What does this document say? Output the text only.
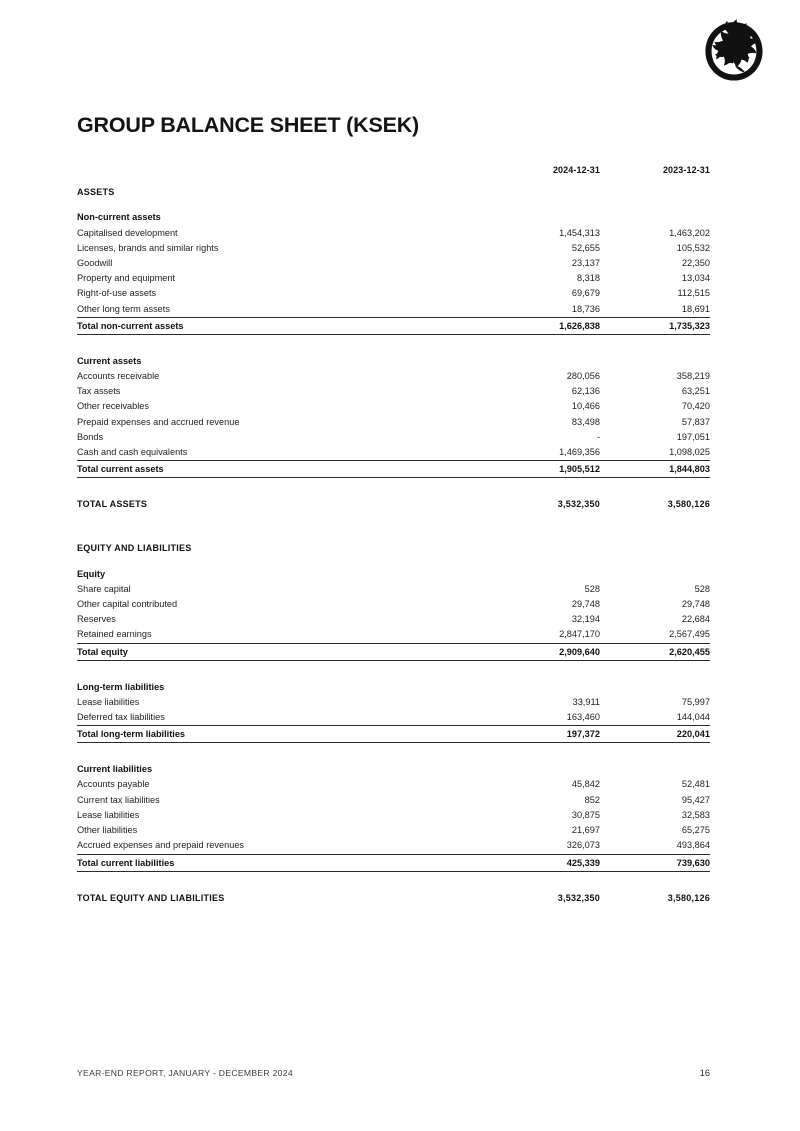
GROUP BALANCE SHEET (KSEK)
	2024-12-31	2023-12-31

ASSETS		

Non-current assets		
Capitalised development	1,454,313	1,463,202
Licenses, brands and similar rights	52,655	105,532
Goodwill	23,137	22,350
Property and equipment	8,318	13,034
Right-of-use assets	69,679	112,515
Other long term assets	18,736	18,691
Total non-current assets	1,626,838	1,735,323

Current assets		
Accounts receivable	280,056	358,219
Tax assets	62,136	63,251
Other receivables	10,466	70,420
Prepaid expenses and accrued revenue	83,498	57,837
Bonds	-	197,051
Cash and cash equivalents	1,469,356	1,098,025
Total current assets	1,905,512	1,844,803

TOTAL ASSETS	3,532,350	3,580,126

EQUITY AND LIABILITIES		

Equity		
Share capital	528	528
Other capital contributed	29,748	29,748
Reserves	32,194	22,684
Retained earnings	2,847,170	2,567,495
Total equity	2,909,640	2,620,455

Long-term liabilities		
Lease liabilities	33,911	75,997
Deferred tax liabilities	163,460	144,044
Total long-term liabilities	197,372	220,041

Current liabilities		
Accounts payable	45,842	52,481
Current tax liabilities	852	95,427
Lease liabilities	30,875	32,583
Other liabilities	21,697	65,275
Accrued expenses and prepaid revenues	326,073	493,864
Total current liabilities	425,339	739,630

TOTAL EQUITY AND LIABILITIES	3,532,350	3,580,126
YEAR-END REPORT, JANUARY - DECEMBER 2024	16
